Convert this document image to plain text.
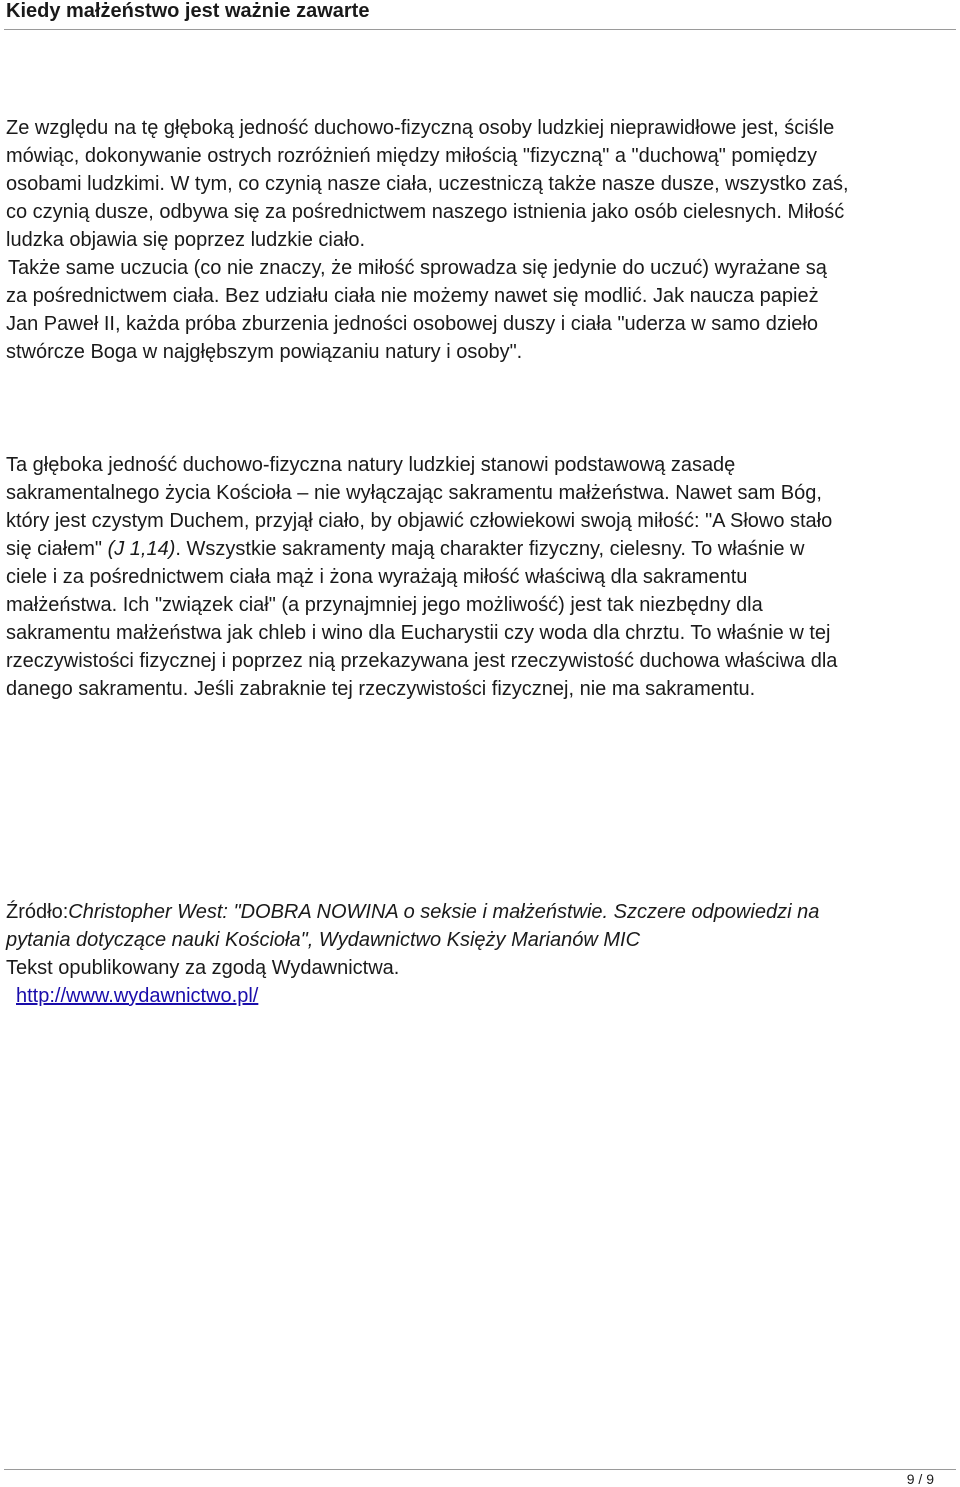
Kiedy małżeństwo jest ważnie zawarte
Ze względu na tę głęboką jedność duchowo-fizyczną osoby ludzkiej nieprawidłowe jest, ściśle
mówiąc, dokonywanie ostrych rozróżnień między miłością "fizyczną" a "duchową" pomiędzy
osobami ludzkimi. W tym, co czynią nasze ciała, uczestniczą także nasze dusze, wszystko zaś,
co czynią dusze, odbywa się za pośrednictwem naszego istnienia jako osób cielesnych. Miłość
ludzka objawia się poprzez ludzkie ciało.
Także same uczucia (co nie znaczy, że miłość sprowadza się jedynie do uczuć) wyrażane są
za pośrednictwem ciała. Bez udziału ciała nie możemy nawet się modlić. Jak naucza papież
Jan Paweł II, każda próba zburzenia jedności osobowej duszy i ciała "uderza w samo dzieło
stwórcze Boga w najgłębszym powiązaniu natury i osoby".
Ta głęboka jedność duchowo-fizyczna natury ludzkiej stanowi podstawową zasadę
sakramentalnego życia Kościoła – nie wyłączając sakramentu małżeństwa. Nawet sam Bóg,
który jest czystym Duchem, przyjął ciało, by objawić człowiekowi swoją miłość: "A Słowo stało
się ciałem" (J 1,14). Wszystkie sakramenty mają charakter fizyczny, cielesny. To właśnie w
ciele i za pośrednictwem ciała mąż i żona wyrażają miłość właściwą dla sakramentu
małżeństwa. Ich "związek ciał" (a przynajmniej jego możliwość) jest tak niezbędny dla
sakramentu małżeństwa jak chleb i wino dla Eucharystii czy woda dla chrztu. To właśnie w tej
rzeczywistości fizycznej i poprzez nią przekazywana jest rzeczywistość duchowa właściwa dla
danego sakramentu. Jeśli zabraknie tej rzeczywistości fizycznej, nie ma sakramentu.
Źródło:Christopher West: "DOBRA NOWINA o seksie i małżeństwie. Szczere odpowiedzi na
pytania dotyczące nauki Kościoła", Wydawnictwo Księży Marianów MIC
Tekst opublikowany za zgodą Wydawnictwa.
http://www.wydawnictwo.pl/
9 / 9
